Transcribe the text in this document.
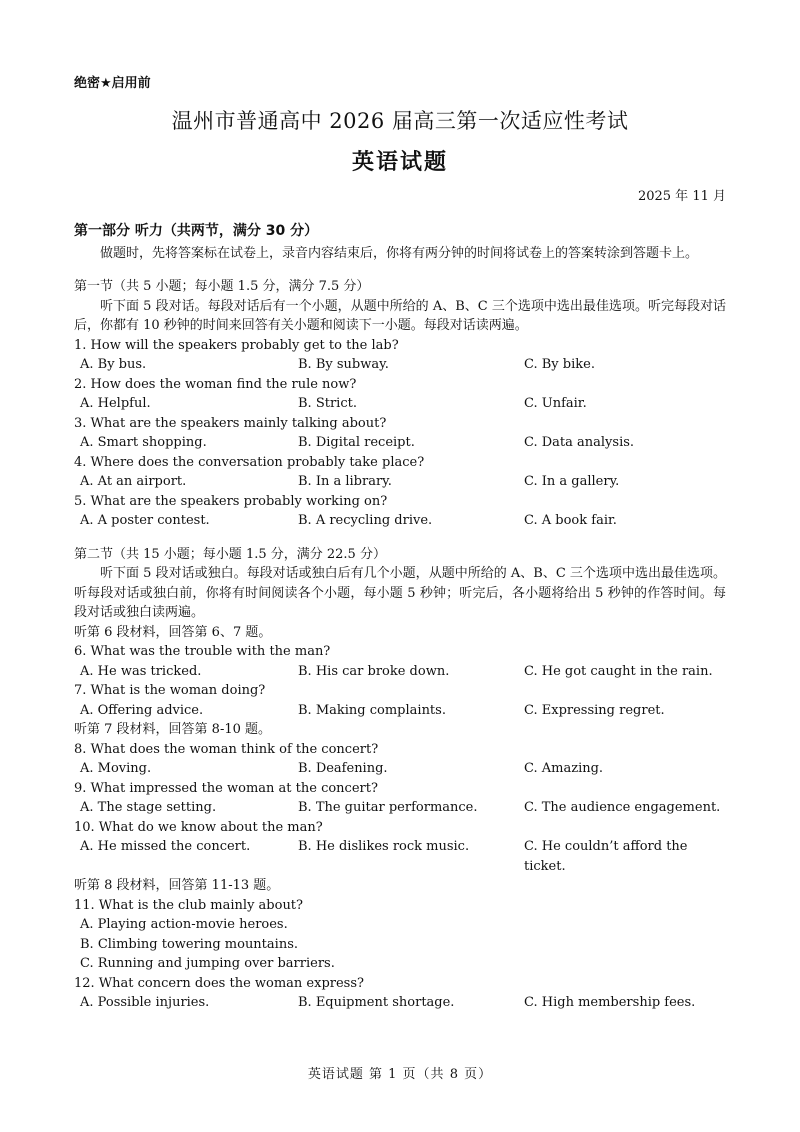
绝密★启用前
温州市普通高中 2026 届高三第一次适应性考试
英语试题
2025 年 11 月
第一部分 听力（共两节，满分 30 分）
做题时，先将答案标在试卷上，录音内容结束后，你将有两分钟的时间将试卷上的答案转涂到答题卡上。
第一节（共 5 小题；每小题 1.5 分，满分 7.5 分）
听下面 5 段对话。每段对话后有一个小题，从题中所给的 A、B、C 三个选项中选出最佳选项。听完每段对话后，你都有 10 秒钟的时间来回答有关小题和阅读下一小题。每段对话读两遍。
1. How will the speakers probably get to the lab?
A. By bus.	B. By subway.	C. By bike.
2. How does the woman find the rule now?
A. Helpful.	B. Strict.	C. Unfair.
3. What are the speakers mainly talking about?
A. Smart shopping.	B. Digital receipt.	C. Data analysis.
4. Where does the conversation probably take place?
A. At an airport.	B. In a library.	C. In a gallery.
5. What are the speakers probably working on?
A. A poster contest.	B. A recycling drive.	C. A book fair.
第二节（共 15 小题；每小题 1.5 分，满分 22.5 分）
听下面 5 段对话或独白。每段对话或独白后有几个小题，从题中所给的 A、B、C 三个选项中选出最佳选项。听每段对话或独白前，你将有时间阅读各个小题，每小题 5 秒钟；听完后，各小题将给出 5 秒钟的作答时间。每段对话或独白读两遍。
听第 6 段材料，回答第 6、7 题。
6. What was the trouble with the man?
A. He was tricked.	B. His car broke down.	C. He got caught in the rain.
7. What is the woman doing?
A. Offering advice.	B. Making complaints.	C. Expressing regret.
听第 7 段材料，回答第 8-10 题。
8. What does the woman think of the concert?
A. Moving.	B. Deafening.	C. Amazing.
9. What impressed the woman at the concert?
A. The stage setting.	B. The guitar performance.	C. The audience engagement.
10. What do we know about the man?
A. He missed the concert.	B. He dislikes rock music.	C. He couldn’t afford the ticket.
听第 8 段材料，回答第 11-13 题。
11. What is the club mainly about?
A. Playing action-movie heroes.
B. Climbing towering mountains.
C. Running and jumping over barriers.
12. What concern does the woman express?
A. Possible injuries.	B. Equipment shortage.	C. High membership fees.
英语试题 第 1 页（共 8 页）
